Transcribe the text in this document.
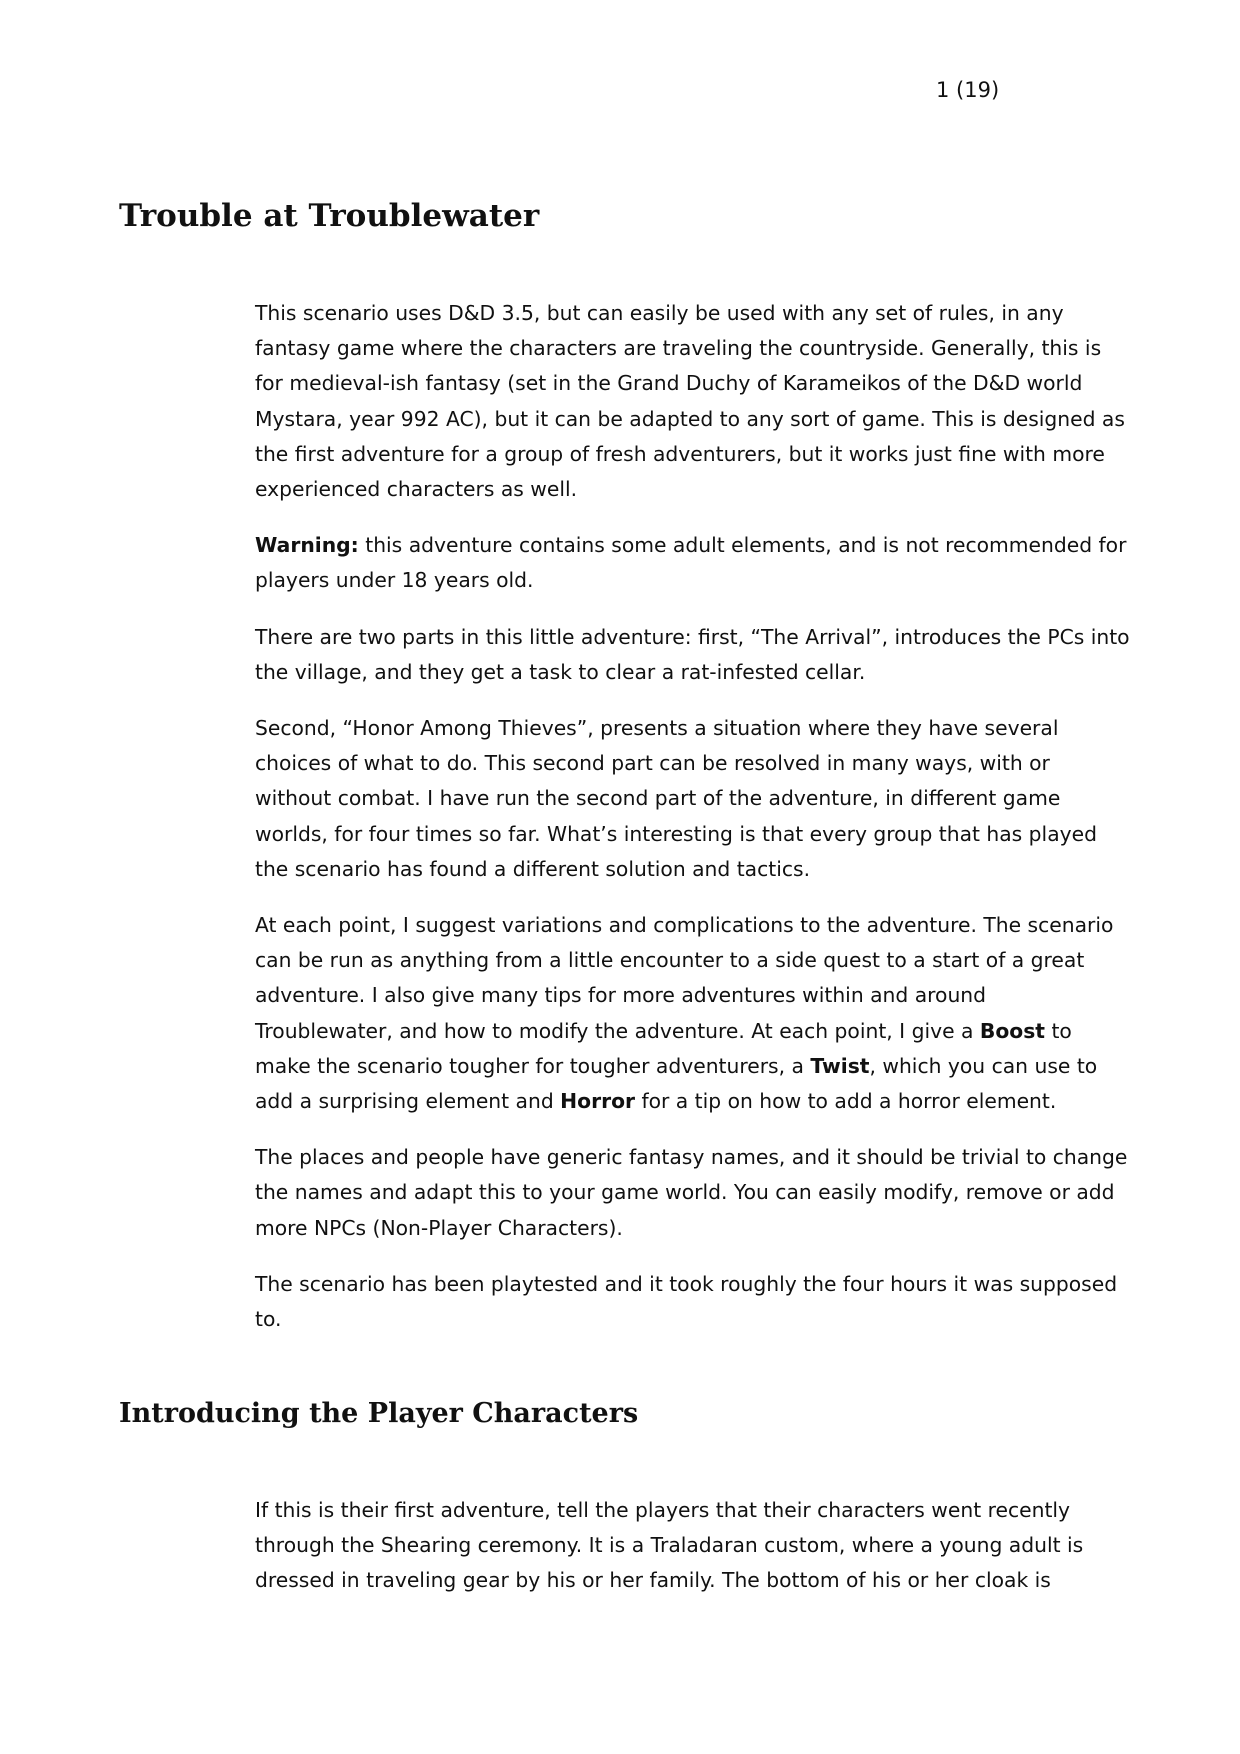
1 (19)
Trouble at Troublewater

This scenario uses D&D 3.5, but can easily be used with any set of rules, in any fantasy game where the characters are traveling the countryside. Generally, this is for medieval-ish fantasy (set in the Grand Duchy of Karameikos of the D&D world Mystara, year 992 AC), but it can be adapted to any sort of game. This is designed as the first adventure for a group of fresh adventurers, but it works just fine with more experienced characters as well.

Warning: this adventure contains some adult elements, and is not recommended for players under 18 years old.

There are two parts in this little adventure: first, “The Arrival”, introduces the PCs into the village, and they get a task to clear a rat-infested cellar.

Second, “Honor Among Thieves”, presents a situation where they have several choices of what to do. This second part can be resolved in many ways, with or without combat. I have run the second part of the adventure, in different game worlds, for four times so far. What’s interesting is that every group that has played the scenario has found a different solution and tactics.

At each point, I suggest variations and complications to the adventure. The scenario can be run as anything from a little encounter to a side quest to a start of a great adventure. I also give many tips for more adventures within and around Troublewater, and how to modify the adventure. At each point, I give a Boost to make the scenario tougher for tougher adventurers, a Twist, which you can use to add a surprising element and Horror for a tip on how to add a horror element.

The places and people have generic fantasy names, and it should be trivial to change the names and adapt this to your game world. You can easily modify, remove or add more NPCs (Non-Player Characters).

The scenario has been playtested and it took roughly the four hours it was supposed to.

Introducing the Player Characters

If this is their first adventure, tell the players that their characters went recently through the Shearing ceremony. It is a Traladaran custom, where a young adult is dressed in traveling gear by his or her family. The bottom of his or her cloak is
